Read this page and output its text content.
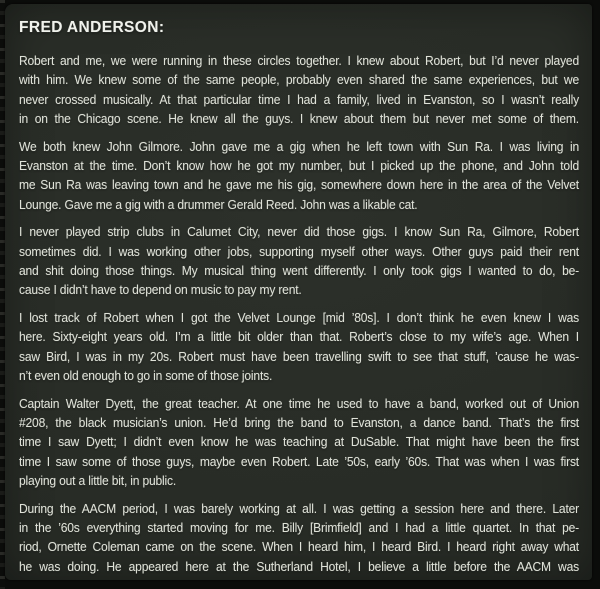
FRED ANDERSON:
Robert and me, we were running in these circles together. I knew about Robert, but I’d never played
with him. We knew some of the same people, probably even shared the same experiences, but we
never crossed musically. At that particular time I had a family, lived in Evanston, so I wasn’t really
in on the Chicago scene. He knew all the guys. I knew about them but never met some of them.
We both knew John Gilmore. John gave me a gig when he left town with Sun Ra. I was living in
Evanston at the time. Don’t know how he got my number, but I picked up the phone, and John told
me Sun Ra was leaving town and he gave me his gig, somewhere down here in the area of the Velvet
Lounge. Gave me a gig with a drummer Gerald Reed. John was a likable cat.
I never played strip clubs in Calumet City, never did those gigs. I know Sun Ra, Gilmore, Robert
sometimes did. I was working other jobs, supporting myself other ways. Other guys paid their rent
and shit doing those things. My musical thing went differently. I only took gigs I wanted to do, be-
cause I didn’t have to depend on music to pay my rent.
I lost track of Robert when I got the Velvet Lounge [mid ’80s]. I don’t think he even knew I was
here. Sixty-eight years old. I’m a little bit older than that. Robert’s close to my wife’s age. When I
saw Bird, I was in my 20s. Robert must have been travelling swift to see that stuff, ’cause he was-
n’t even old enough to go in some of those joints.
Captain Walter Dyett, the great teacher. At one time he used to have a band, worked out of Union
#208, the black musician’s union. He’d bring the band to Evanston, a dance band. That’s the first
time I saw Dyett; I didn’t even know he was teaching at DuSable. That might have been the first
time I saw some of those guys, maybe even Robert. Late ’50s, early ’60s. That was when I was first
playing out a little bit, in public.
During the AACM period, I was barely working at all. I was getting a session here and there. Later
in the ’60s everything started moving for me. Billy [Brimfield] and I had a little quartet. In that pe-
riod, Ornette Coleman came on the scene. When I heard him, I heard Bird. I heard right away what
he was doing. He appeared here at the Sutherland Hotel, I believe a little before the AACM was
